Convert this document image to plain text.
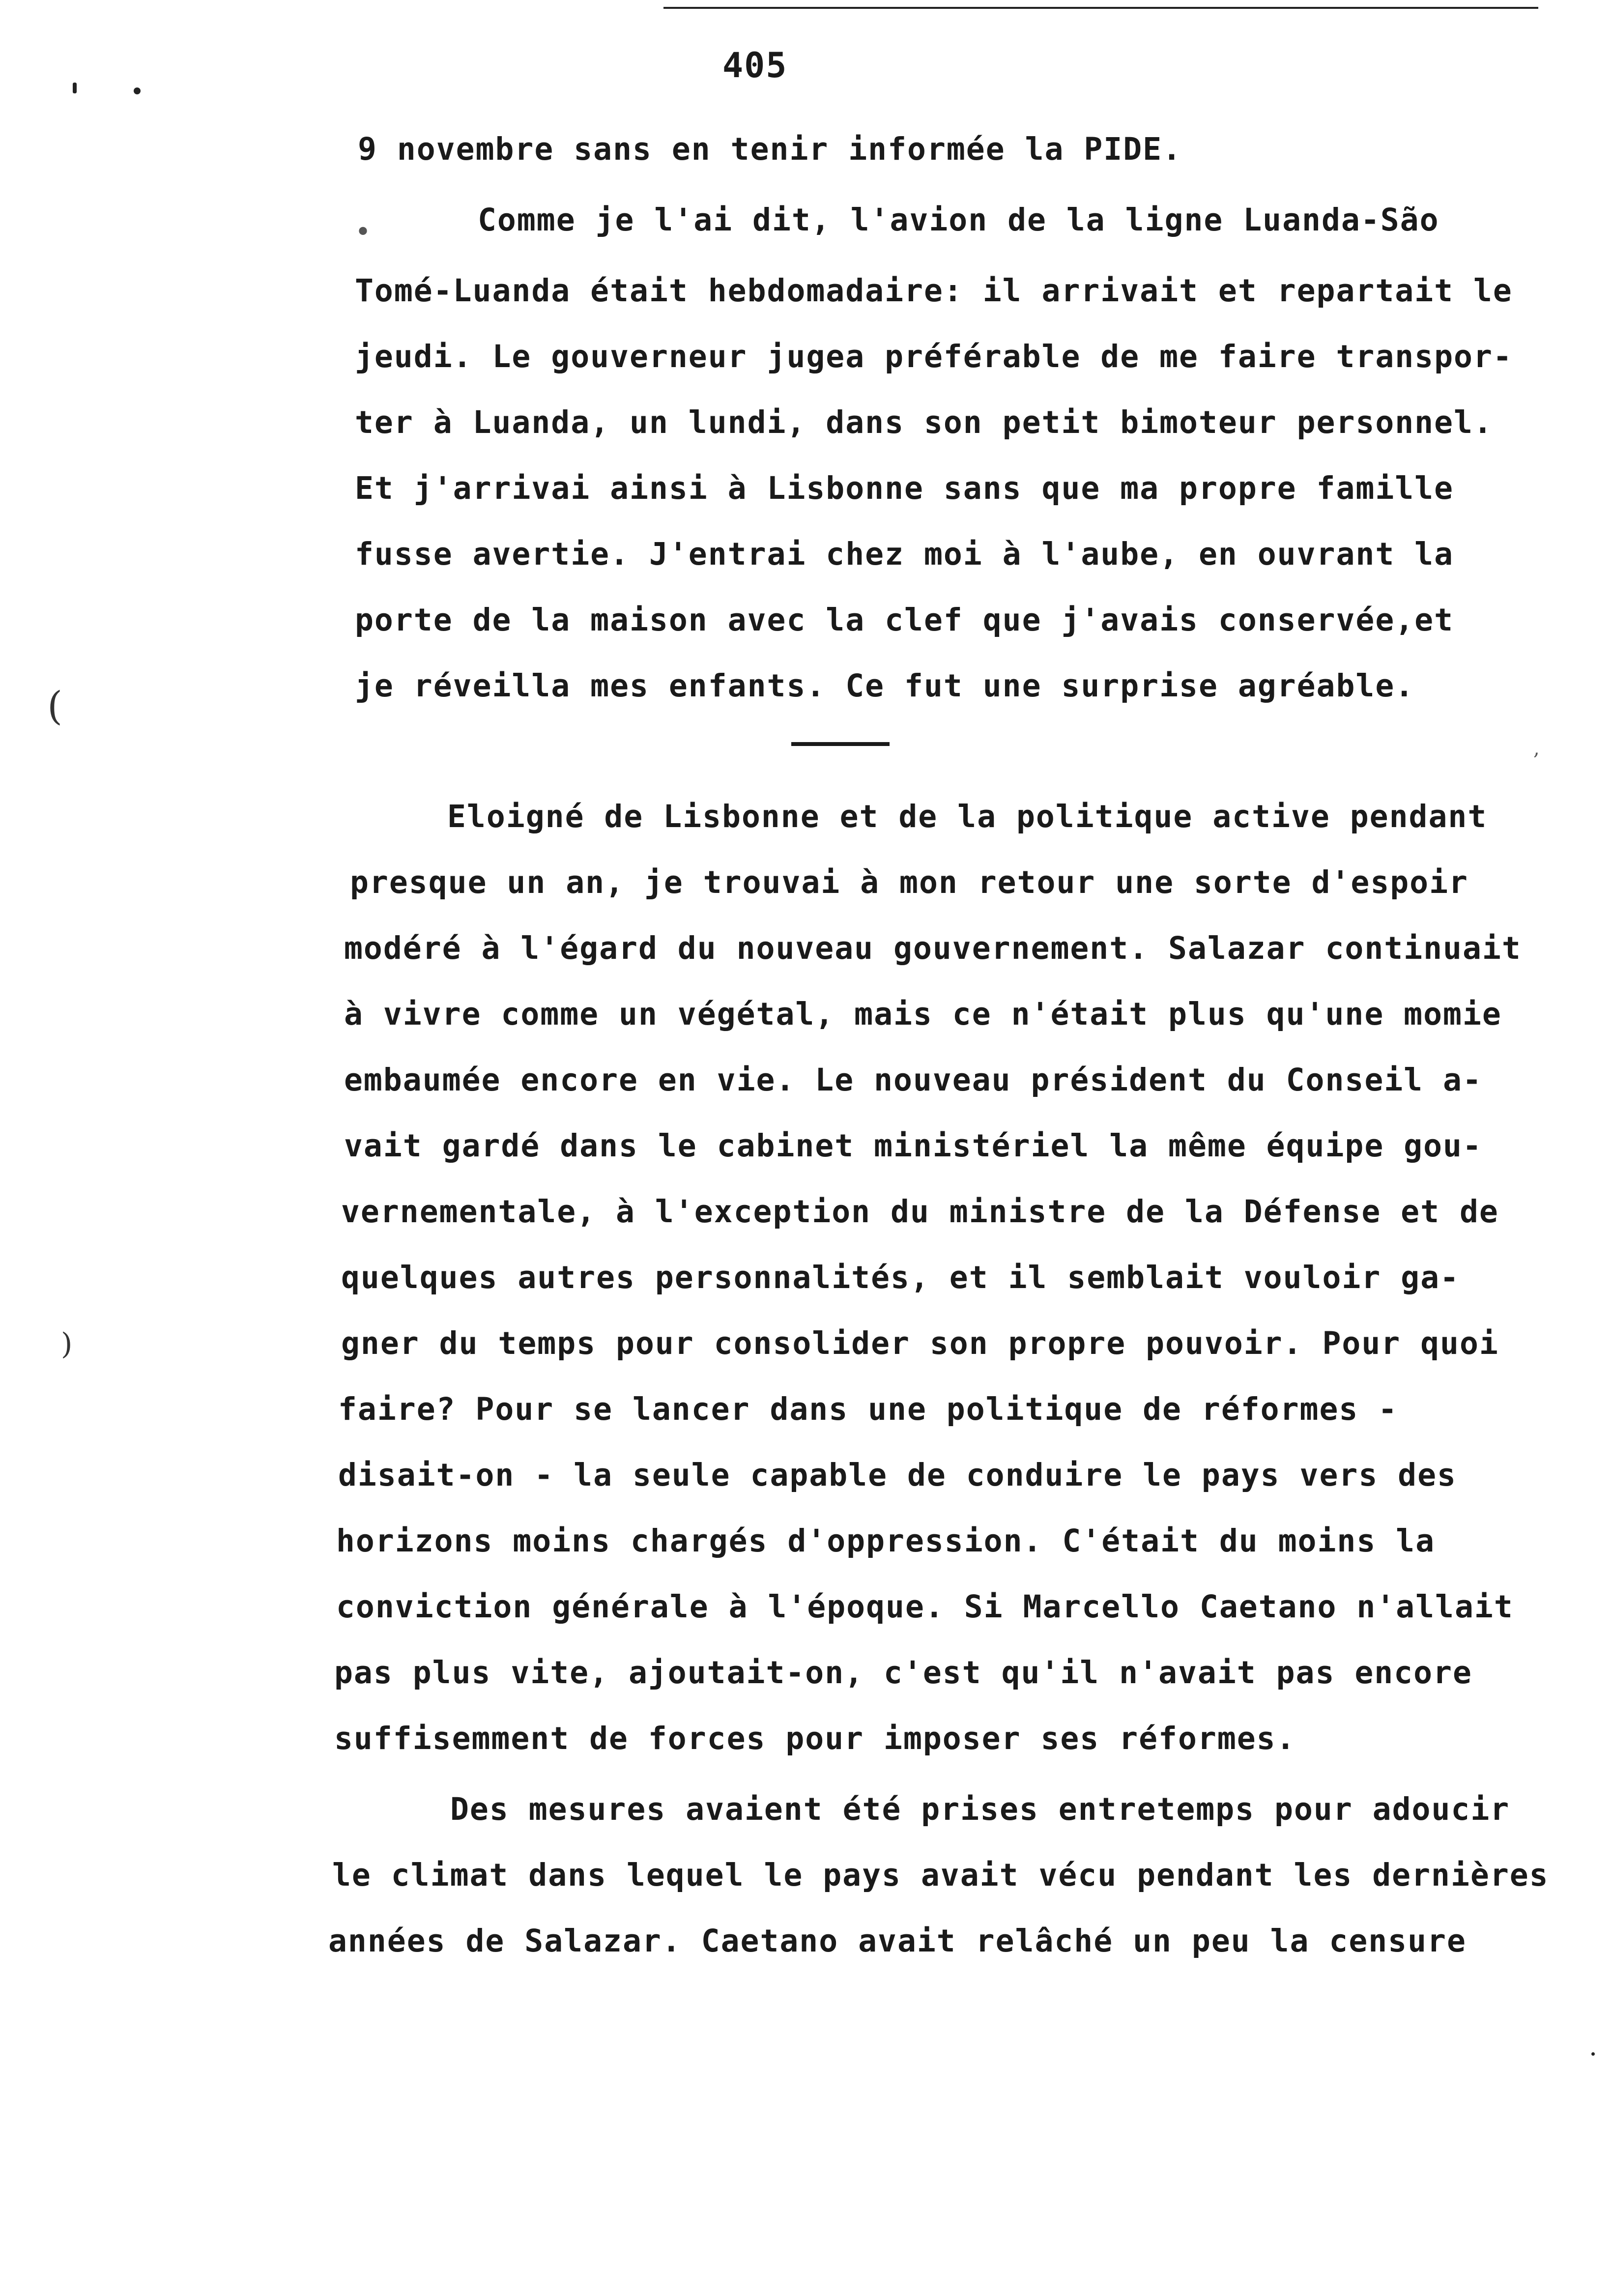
•
405
9 novembre sans en tenir informée la PIDE.
Comme je l'ai dit, l'avion de la ligne Luanda-São
Tomé-Luanda était hebdomadaire: il arrivait et repartait le
jeudi. Le gouverneur jugea préférable de me faire transpor-
ter à Luanda, un lundi, dans son petit bimoteur personnel.
Et j'arrivai ainsi à Lisbonne sans que ma propre famille
fusse avertie. J'entrai chez moi à l'aube, en ouvrant la
porte de la maison avec la clef que j'avais conservée,et
je réveilla mes enfants. Ce fut une surprise agréable.
(
,
Eloigné de Lisbonne et de la politique active pendant
presque un an, je trouvai à mon retour une sorte d'espoir
modéré à l'égard du nouveau gouvernement. Salazar continuait
à vivre comme un végétal, mais ce n'était plus qu'une momie
embaumée encore en vie. Le nouveau président du Conseil a-
vait gardé dans le cabinet ministériel la même équipe gou-
vernementale, à l'exception du ministre de la Défense et de
quelques autres personnalités, et il semblait vouloir ga-
gner du temps pour consolider son propre pouvoir. Pour quoi
faire? Pour se lancer dans une politique de réformes -
disait-on - la seule capable de conduire le pays vers des
horizons moins chargés d'oppression. C'était du moins la
conviction générale à l'époque. Si Marcello Caetano n'allait
pas plus vite, ajoutait-on, c'est qu'il n'avait pas encore
suffisemment de forces pour imposer ses réformes.
)
Des mesures avaient été prises entretemps pour adoucir
le climat dans lequel le pays avait vécu pendant les dernières
années de Salazar. Caetano avait relâché un peu la censure
